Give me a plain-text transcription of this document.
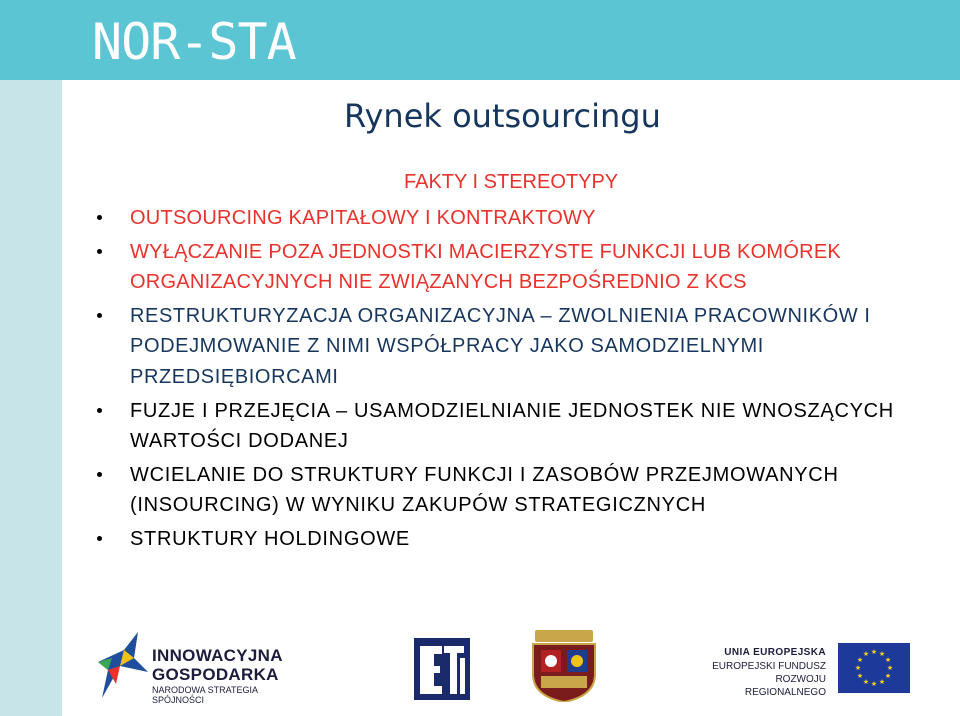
NOR-STA
Rynek outsourcingu
FAKTY I STEREOTYPY
OUTSOURCING KAPITAŁOWY I KONTRAKTOWY
WYŁĄCZANIE POZA JEDNOSTKI MACIERZYSTE FUNKCJI LUB KOMÓREK ORGANIZACYJNYCH NIE ZWIĄZANYCH BEZPOŚREDNIO Z KCS
RESTRUKTURYZACJA ORGANIZACYJNA – ZWOLNIENIA PRACOWNIKÓW I PODEJMOWANIE Z NIMI WSPÓŁPRACY JAKO SAMODZIELNYMI PRZEDSIĘBIORCAMI
FUZJE I PRZEJĘCIA – USAMODZIELNIANIE JEDNOSTEK NIE WNOSZĄCYCH WARTOŚCI DODANEJ
WCIELANIE DO STRUKTURY FUNKCJI I ZASOBÓW PRZEJMOWANYCH (INSOURCING) W WYNIKU ZAKUPÓW STRATEGICZNYCH
STRUKTURY HOLDINGOWE
INNOWACYJNA
GOSPODARKA
NARODOWA STRATEGIA SPÓJNOŚCI
UNIA EUROPEJSKA
EUROPEJSKI FUNDUSZ
ROZWOJU REGIONALNEGO
★ ★
★
★
★
★
★
★
★
★
★
★
